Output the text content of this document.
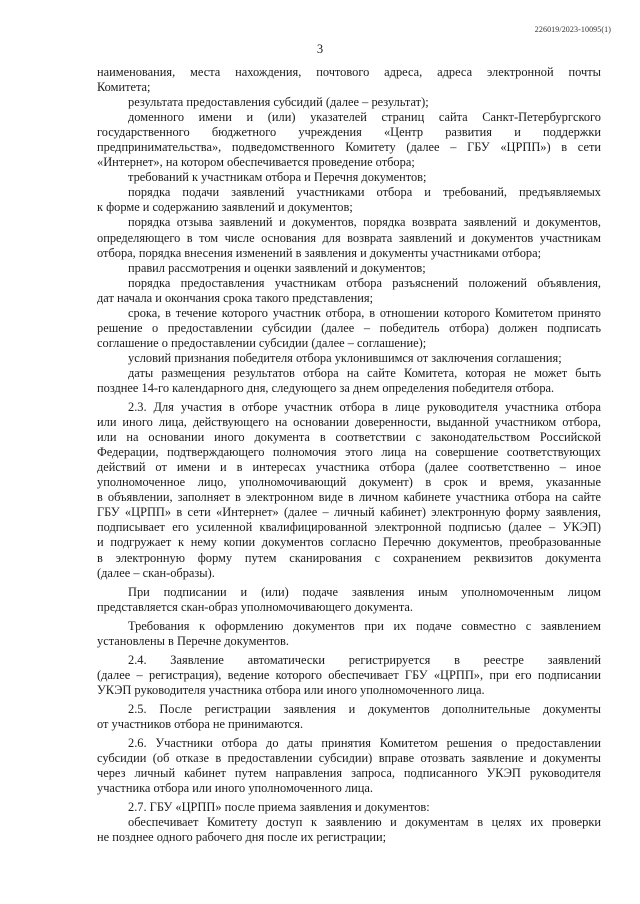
226019/2023-10095(1)
3
наименования, места нахождения, почтового адреса, адреса электронной почты
Комитета;
результата предоставления субсидий (далее – результат);
доменного имени и (или) указателей страниц сайта Санкт-Петербургского
государственного бюджетного учреждения «Центр развития и поддержки
предпринимательства», подведомственного Комитету (далее – ГБУ «ЦРПП») в сети
«Интернет», на котором обеспечивается проведение отбора;
требований к участникам отбора и Перечня документов;
порядка подачи заявлений участниками отбора и требований, предъявляемых
к форме и содержанию заявлений и документов;
порядка отзыва заявлений и документов, порядка возврата заявлений и документов,
определяющего в том числе основания для возврата заявлений и документов участникам
отбора, порядка внесения изменений в заявления и документы участниками отбора;
правил рассмотрения и оценки заявлений и документов;
порядка предоставления участникам отбора разъяснений положений объявления,
дат начала и окончания срока такого представления;
срока, в течение которого участник отбора, в отношении которого Комитетом принято
решение о предоставлении субсидии (далее – победитель отбора) должен подписать
соглашение о предоставлении субсидии (далее – соглашение);
условий признания победителя отбора уклонившимся от заключения соглашения;
даты размещения результатов отбора на сайте Комитета, которая не может быть
позднее 14-го календарного дня, следующего за днем определения победителя отбора.
2.3. Для участия в отборе участник отбора в лице руководителя участника отбора
или иного лица, действующего на основании доверенности, выданной участником отбора,
или на основании иного документа в соответствии с законодательством Российской
Федерации, подтверждающего полномочия этого лица на совершение соответствующих
действий от имени и в интересах участника отбора (далее соответственно – иное
уполномоченное лицо, уполномочивающий документ) в срок и время, указанные
в объявлении, заполняет в электронном виде в личном кабинете участника отбора на сайте
ГБУ «ЦРПП» в сети «Интернет» (далее – личный кабинет) электронную форму заявления,
подписывает его усиленной квалифицированной электронной подписью (далее – УКЭП)
и подгружает к нему копии документов согласно Перечню документов, преобразованные
в электронную форму путем сканирования с сохранением реквизитов документа
(далее – скан-образы).
При подписании и (или) подаче заявления иным уполномоченным лицом
представляется скан-образ уполномочивающего документа.
Требования к оформлению документов при их подаче совместно с заявлением
установлены в Перечне документов.
2.4. Заявление автоматически регистрируется в реестре заявлений
(далее – регистрация), ведение которого обеспечивает ГБУ «ЦРПП», при его подписании
УКЭП руководителя участника отбора или иного уполномоченного лица.
2.5. После регистрации заявления и документов дополнительные документы
от участников отбора не принимаются.
2.6. Участники отбора до даты принятия Комитетом решения о предоставлении
субсидии (об отказе в предоставлении субсидии) вправе отозвать заявление и документы
через личный кабинет путем направления запроса, подписанного УКЭП руководителя
участника отбора или иного уполномоченного лица.
2.7. ГБУ «ЦРПП» после приема заявления и документов:
обеспечивает Комитету доступ к заявлению и документам в целях их проверки
не позднее одного рабочего дня после их регистрации;
